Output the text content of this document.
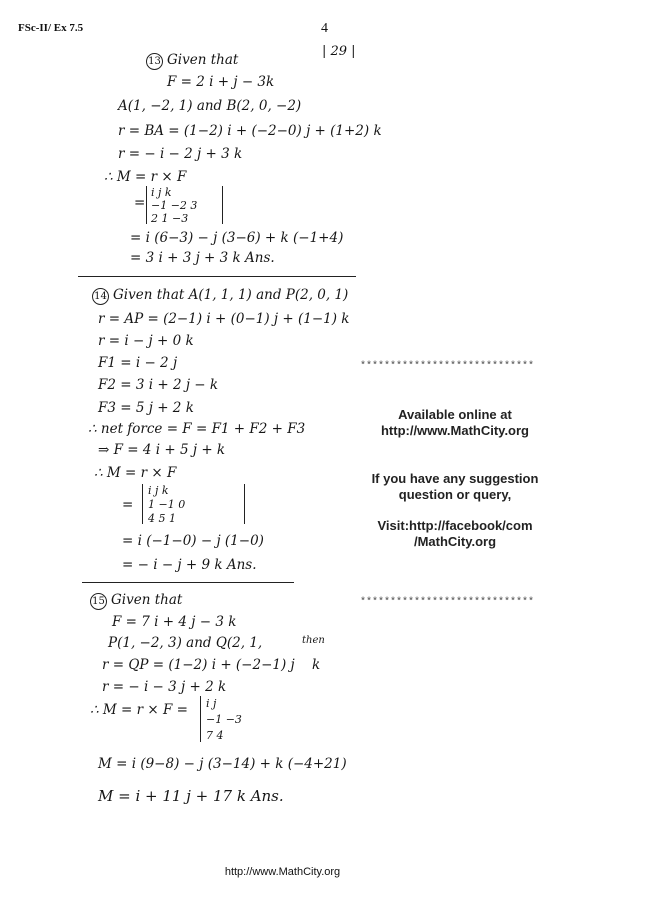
FSc-II/ Ex 7.5	4
| 29 |
13 Given that
F = 2 i + j − 3k
A(1, −2, 1) and B(2, 0, −2)
r = BA = (1−2) i + (−2−0) j + (1+2) k
r = − i − 2 j + 3 k
∴ M = r × F
=
i j k
−1 −2 3
2 1 −3
= i (6−3) − j (3−6) + k (−1+4)
= 3 i + 3 j + 3 k Ans.
14 Given that A(1, 1, 1) and P(2, 0, 1)
r = AP = (2−1) i + (0−1) j + (1−1) k
r = i − j + 0 k
F1 = i − 2 j
F2 = 3 i + 2 j − k
F3 = 5 j + 2 k
∴ net force = F = F1 + F2 + F3
⇒ F = 4 i + 5 j + k
∴ M = r × F
=
i j k
1 −1 0
4 5 1
= i (−1−0) − j (1−0)
= − i − j + 9 k Ans.
15 Given that
F = 7 i + 4 j − 3 k
P(1, −2, 3) and Q(2, 1,	then
r = QP = (1−2) i + (−2−1) j k
r = − i − 3 j + 2 k
∴ M = r × F = i j
−1 −3
7 4
M = i (9−8) − j (3−14) + k (−4+21)
M = i + 11 j + 17 k Ans.
*****************************
Available online at
http://www.MathCity.org
If you have any suggestion
question or query,
Visit:http://facebook/com
/MathCity.org
*****************************
http://www.MathCity.org
